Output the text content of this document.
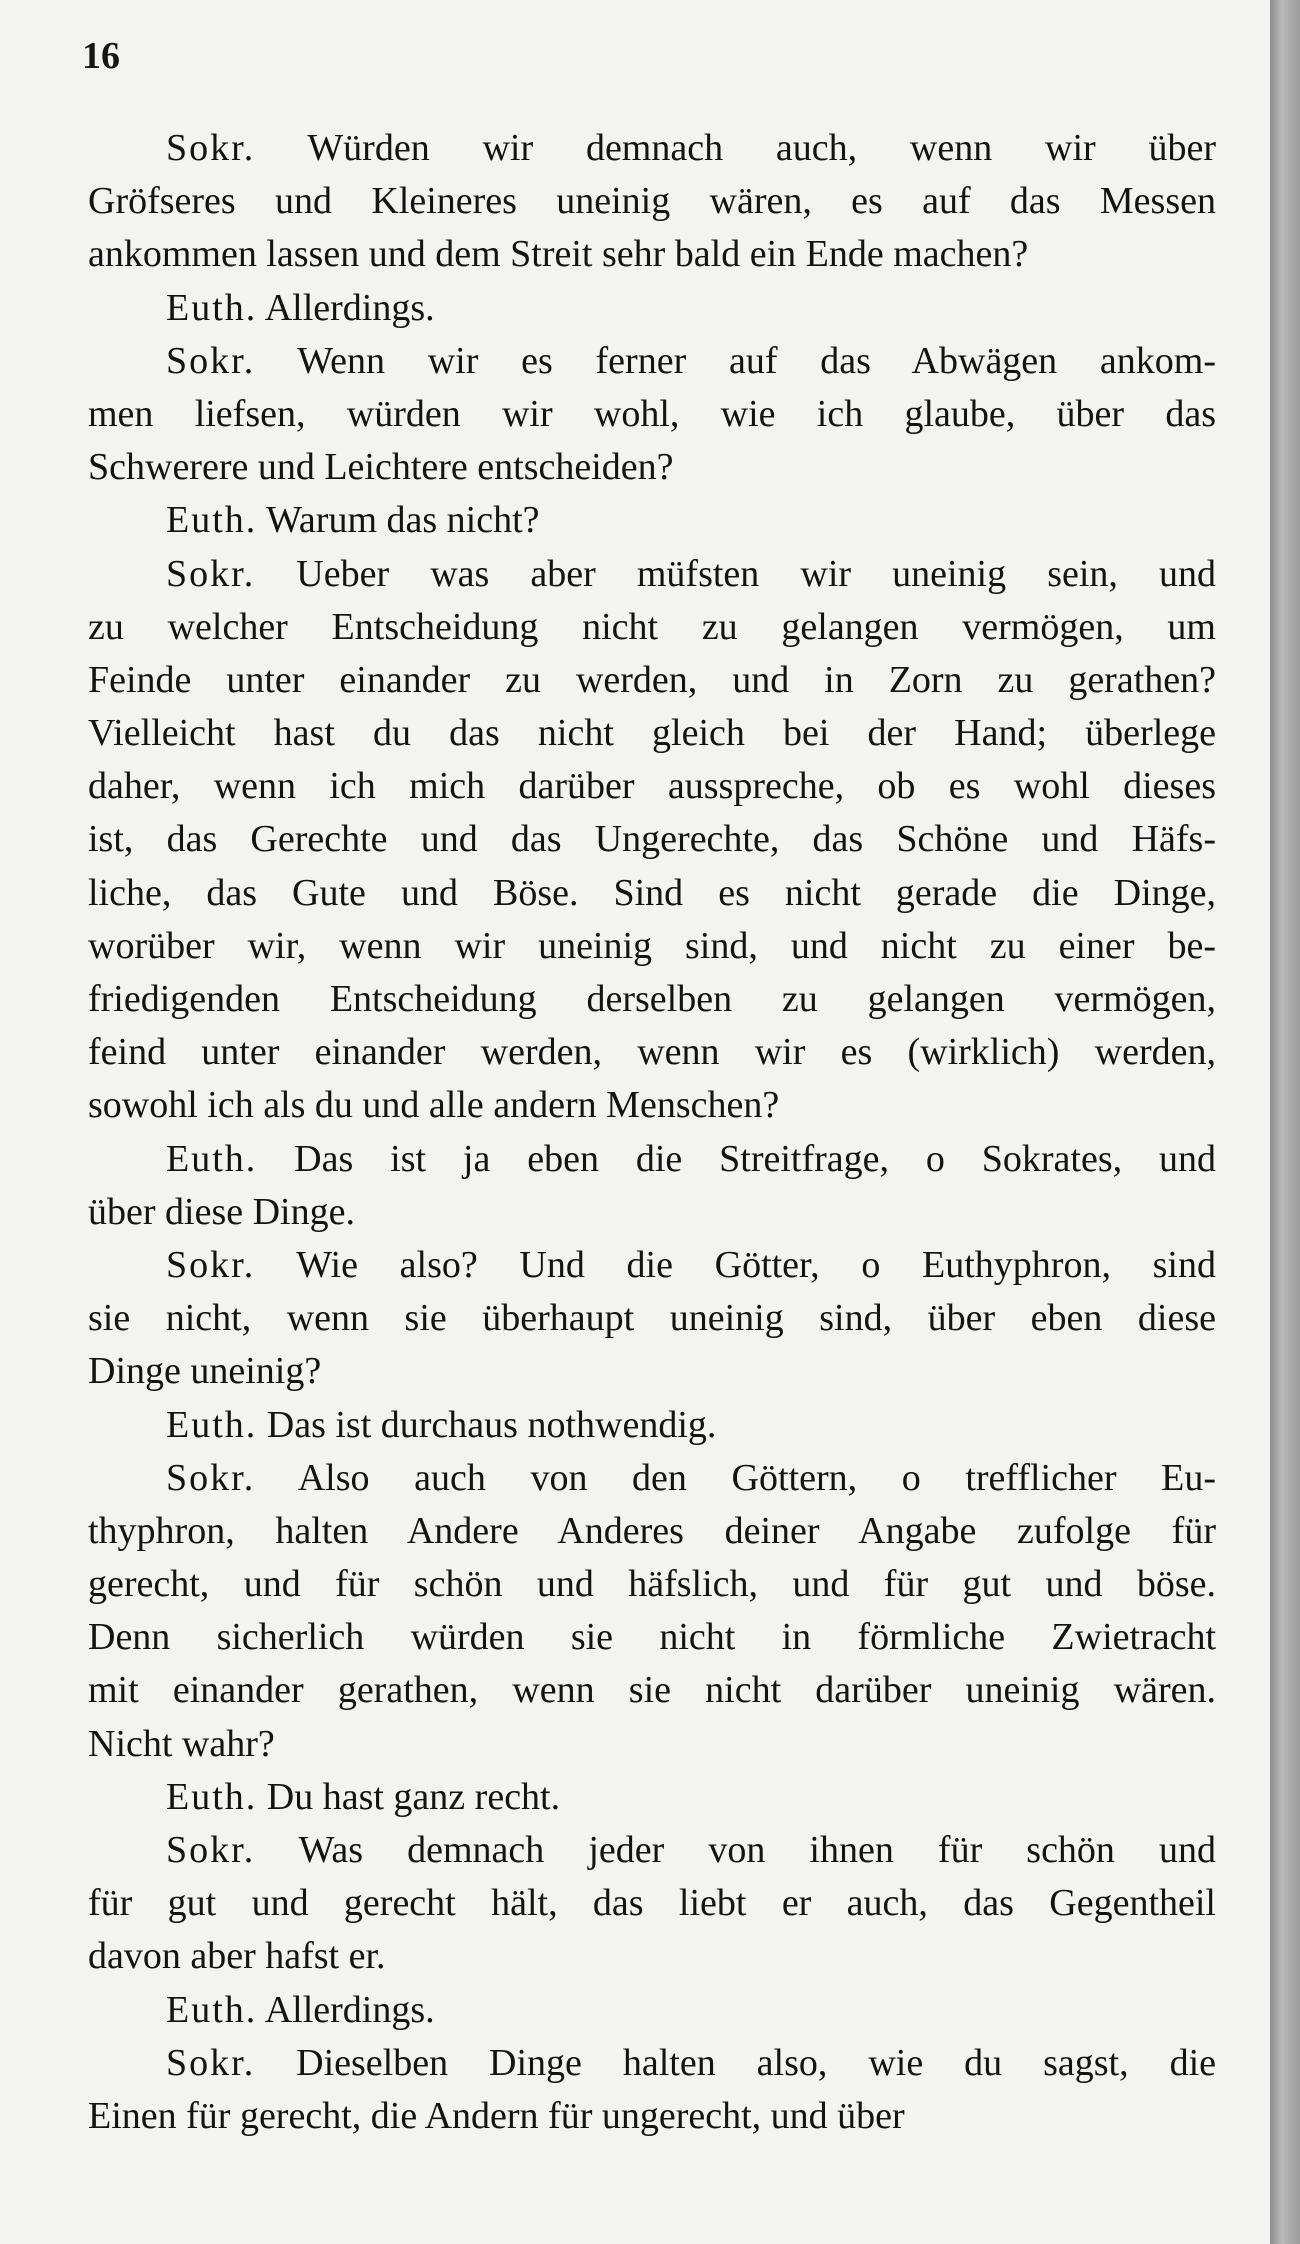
16
Sokr. Würden wir demnach auch, wenn wir über
Gröfseres und Kleineres uneinig wären, es auf das Messen
ankommen lassen und dem Streit sehr bald ein Ende machen?
Euth. Allerdings.
Sokr. Wenn wir es ferner auf das Abwägen ankom-
men liefsen, würden wir wohl, wie ich glaube, über das
Schwerere und Leichtere entscheiden?
Euth. Warum das nicht?
Sokr. Ueber was aber müfsten wir uneinig sein, und
zu welcher Entscheidung nicht zu gelangen vermögen, um
Feinde unter einander zu werden, und in Zorn zu gerathen?
Vielleicht hast du das nicht gleich bei der Hand; überlege
daher, wenn ich mich darüber ausspreche, ob es wohl dieses
ist, das Gerechte und das Ungerechte, das Schöne und Häfs-
liche, das Gute und Böse. Sind es nicht gerade die Dinge,
worüber wir, wenn wir uneinig sind, und nicht zu einer be-
friedigenden Entscheidung derselben zu gelangen vermögen,
feind unter einander werden, wenn wir es (wirklich) werden,
sowohl ich als du und alle andern Menschen?
Euth. Das ist ja eben die Streitfrage, o Sokrates, und
über diese Dinge.
Sokr. Wie also? Und die Götter, o Euthyphron, sind
sie nicht, wenn sie überhaupt uneinig sind, über eben diese
Dinge uneinig?
Euth. Das ist durchaus nothwendig.
Sokr. Also auch von den Göttern, o trefflicher Eu-
thyphron, halten Andere Anderes deiner Angabe zufolge für
gerecht, und für schön und häfslich, und für gut und böse.
Denn sicherlich würden sie nicht in förmliche Zwietracht
mit einander gerathen, wenn sie nicht darüber uneinig wären.
Nicht wahr?
Euth. Du hast ganz recht.
Sokr. Was demnach jeder von ihnen für schön und
für gut und gerecht hält, das liebt er auch, das Gegentheil
davon aber hafst er.
Euth. Allerdings.
Sokr. Dieselben Dinge halten also, wie du sagst, die
Einen für gerecht, die Andern für ungerecht, und über
